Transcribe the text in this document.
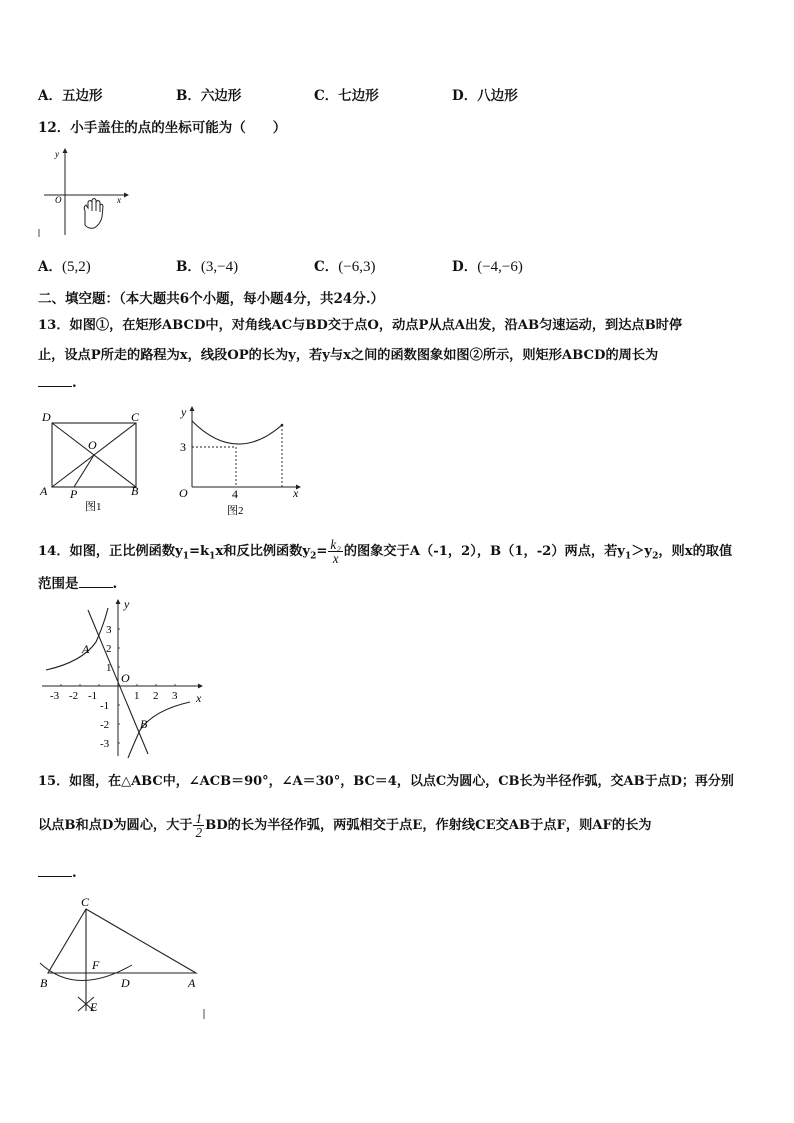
A．五边形	B．六边形	C．七边形	D．八边形
12．小手盖住的点的坐标可能为（　　）
y
x
O
A．(5,2)	B．(3,−4)	C．(−6,3)	D．(−4,−6)
二、填空题：（本大题共6个小题，每小题4分，共24分.）
13．如图①，在矩形ABCD中，对角线AC与BD交于点O，动点P从点A出发，沿AB匀速运动，到达点B时停
止，设点P所走的路程为x，线段OP的长为y，若y与x之间的函数图象如图②所示，则矩形ABCD的周长为
.
D	C
O
A P	B
图1
y
x
O
3
4
图2
14．如图，正比例函数$y_1=k_1x$和反比例函数$y_2= \frac{\text{k₂}}{x}$ 的图象交于A（-1，2），B（1，-2）两点，若$y_1>y_2$，则x的取值
范围是	.
y
x
O
A
B
-3 -2 -1	1 2 3
3
2
1
-1
-2
-3
15．如图，在△ABC中，∠ACB＝90°，∠A＝30°，BC＝4，以点C为圆心，CB长为半径作弧，交AB于点D；再分别
以点B和点D为圆心，大于 $\frac{1}{2}$ BD的长为半径作弧，两弧相交于点E，作射线CE交AB于点F，则AF的长为
.
C
F
B	D	A
E
